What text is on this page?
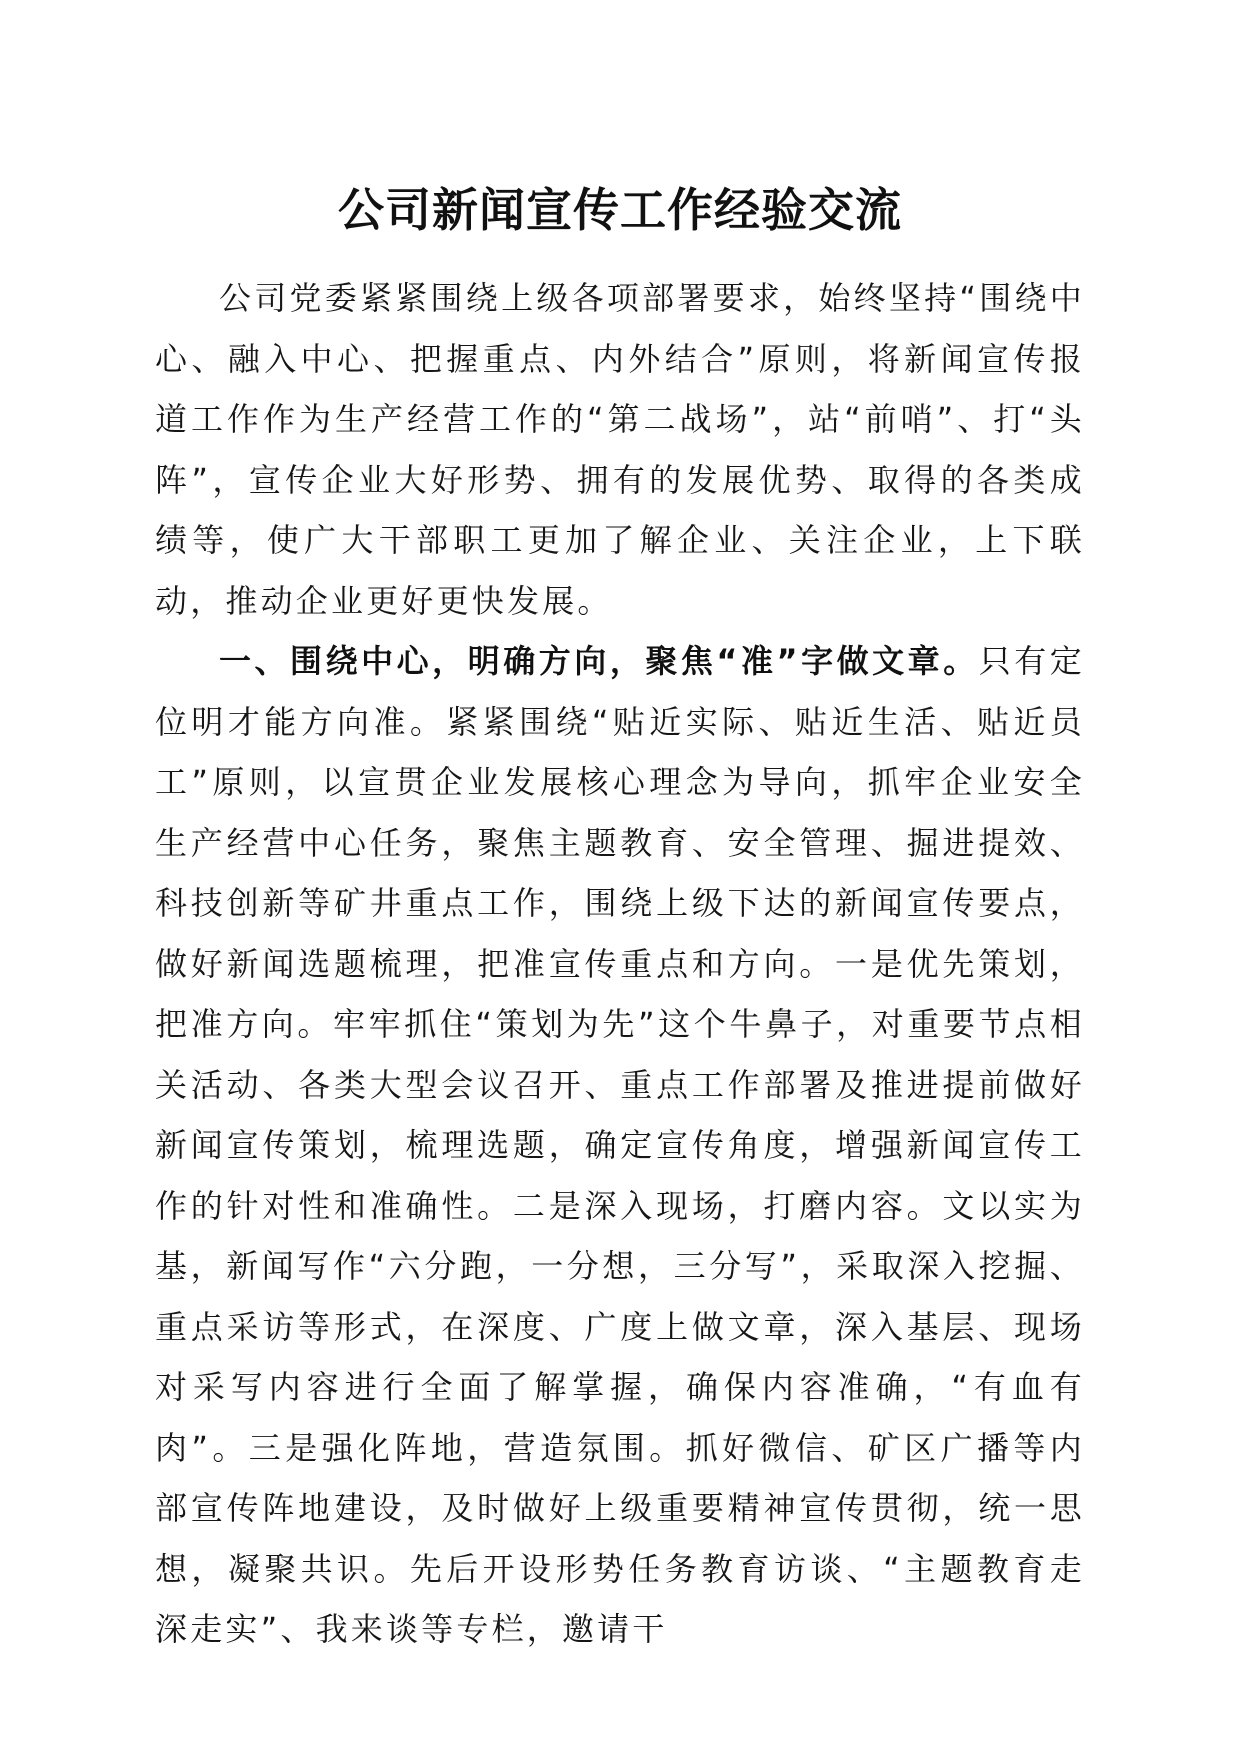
公司新闻宣传工作经验交流

公司党委紧紧围绕上级各项部署要求，始终坚持“围绕中心、融入中心、把握重点、内外结合”原则，将新闻宣传报道工作作为生产经营工作的“第二战场”，站“前哨”、打“头阵”，宣传企业大好形势、拥有的发展优势、取得的各类成绩等，使广大干部职工更加了解企业、关注企业，上下联动，推动企业更好更快发展。

一、围绕中心，明确方向，聚焦“准”字做文章。只有定位明才能方向准。紧紧围绕“贴近实际、贴近生活、贴近员工”原则，以宣贯企业发展核心理念为导向，抓牢企业安全生产经营中心任务，聚焦主题教育、安全管理、掘进提效、科技创新等矿井重点工作，围绕上级下达的新闻宣传要点，做好新闻选题梳理，把准宣传重点和方向。一是优先策划，把准方向。牢牢抓住“策划为先”这个牛鼻子，对重要节点相关活动、各类大型会议召开、重点工作部署及推进提前做好新闻宣传策划，梳理选题，确定宣传角度，增强新闻宣传工作的针对性和准确性。二是深入现场，打磨内容。文以实为基，新闻写作“六分跑，一分想，三分写”，采取深入挖掘、重点采访等形式，在深度、广度上做文章，深入基层、现场对采写内容进行全面了解掌握，确保内容准确，“有血有肉”。三是强化阵地，营造氛围。抓好微信、矿区广播等内部宣传阵地建设，及时做好上级重要精神宣传贯彻，统一思想，凝聚共识。先后开设形势任务教育访谈、“主题教育走深走实”、我来谈等专栏，邀请干
